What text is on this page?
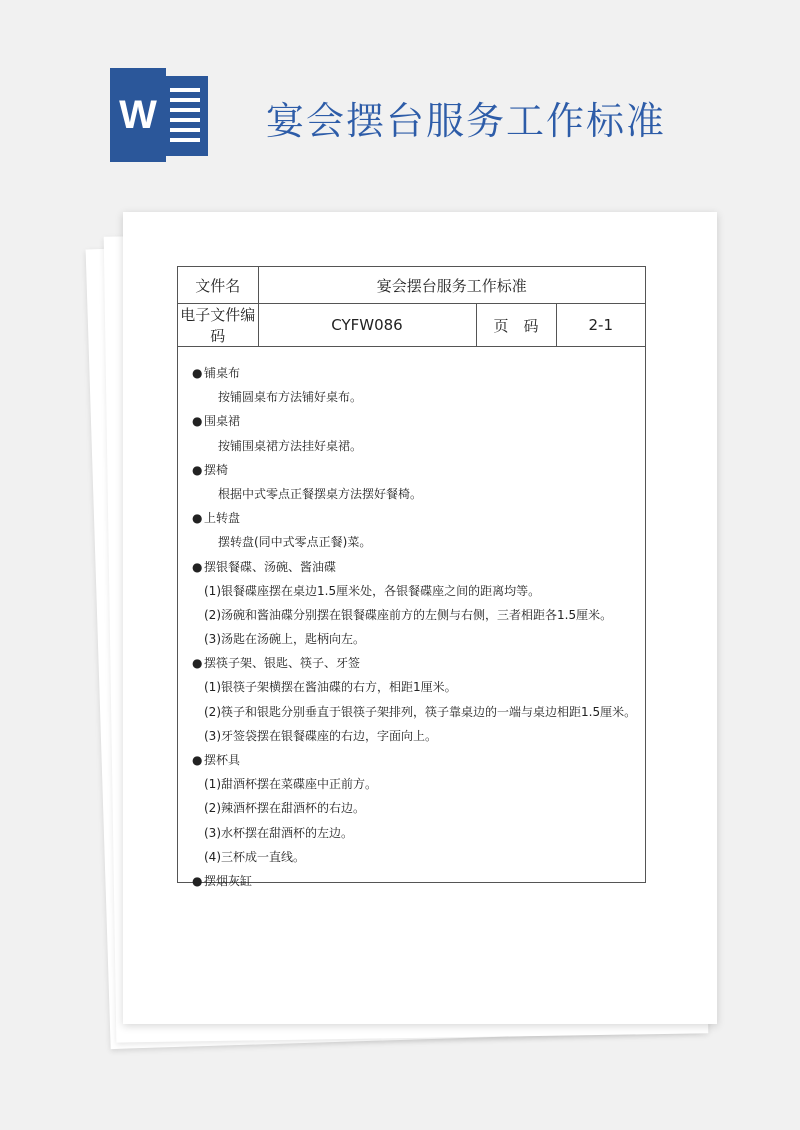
W	宴会摆台服务工作标准
文件名	宴会摆台服务工作标准		
电子文件编码	CYFW086	页　码	2-1
● 铺桌布
按铺圆桌布方法铺好桌布。
● 围桌裙
按铺围桌裙方法挂好桌裙。
● 摆椅
根据中式零点正餐摆桌方法摆好餐椅。
● 上转盘
摆转盘(同中式零点正餐)菜。
● 摆银餐碟、汤碗、酱油碟
(1)银餐碟座摆在桌边1.5厘米处，各银餐碟座之间的距离均等。
(2)汤碗和酱油碟分别摆在银餐碟座前方的左侧与右侧，三者相距各1.5厘米。
(3)汤匙在汤碗上，匙柄向左。
● 摆筷子架、银匙、筷子、牙签
(1)银筷子架横摆在酱油碟的右方，相距1厘米。
(2)筷子和银匙分别垂直于银筷子架排列，筷子靠桌边的一端与桌边相距1.5厘米。
(3)牙签袋摆在银餐碟座的右边，字面向上。
● 摆杯具
(1)甜酒杯摆在菜碟座中正前方。
(2)辣酒杯摆在甜酒杯的右边。
(3)水杯摆在甜酒杯的左边。
(4)三杯成一直线。
● 摆烟灰缸
